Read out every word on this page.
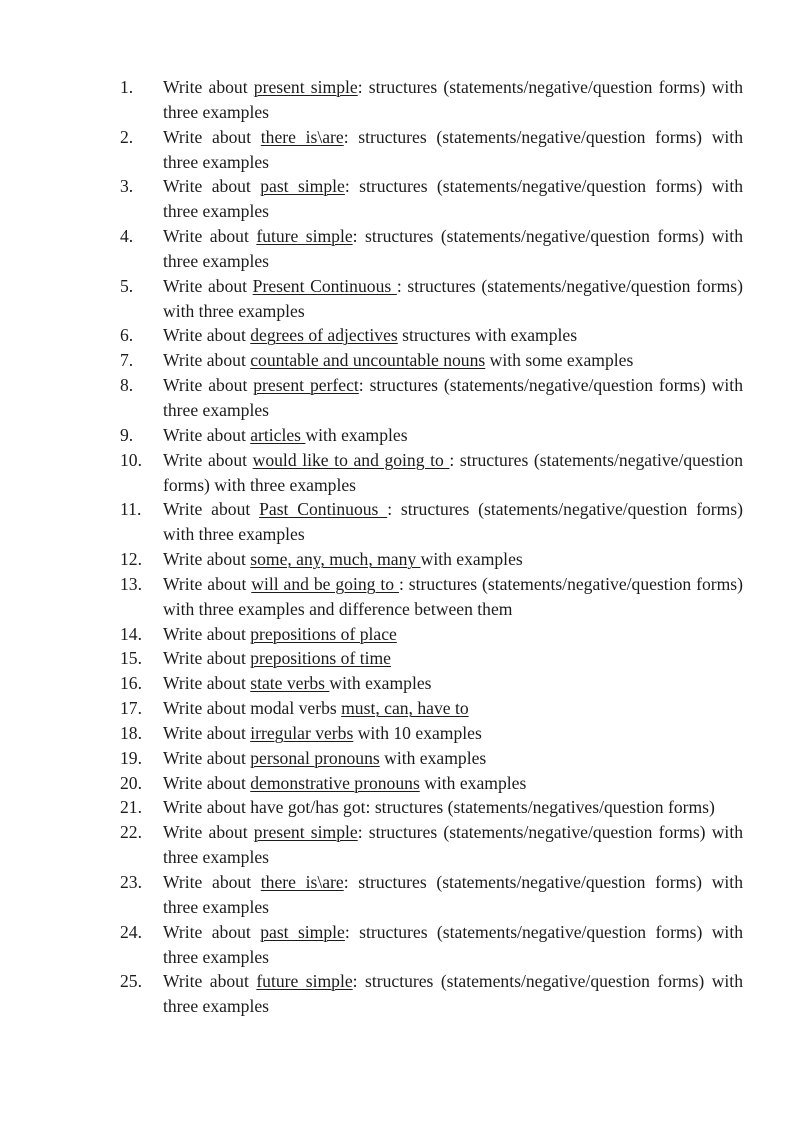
1.	Write about present simple: structures (statements/negative/question forms) with three examples
2.	Write about there is\are: structures (statements/negative/question forms) with three examples
3.	Write about past simple: structures (statements/negative/question forms) with three examples
4.	Write about future simple: structures (statements/negative/question forms) with three examples
5.	Write about Present Continuous : structures (statements/negative/question forms) with three examples
6.	Write about degrees of adjectives structures with examples
7.	Write about countable and uncountable nouns with some examples
8.	Write about present perfect: structures (statements/negative/question forms) with three examples
9.	Write about articles with examples
10.	Write about would like to and going to : structures (statements/negative/question forms) with three examples
11.	Write about Past Continuous : structures (statements/negative/question forms) with three examples
12.	Write about some, any, much, many with examples
13.	Write about will and be going to : structures (statements/negative/question forms) with three examples and difference between them
14.	Write about prepositions of place
15.	Write about prepositions of time
16.	Write about state verbs with examples
17.	Write about modal verbs must, can, have to
18.	Write about irregular verbs with 10 examples
19.	Write about personal pronouns with examples
20.	Write about demonstrative pronouns with examples
21.	Write about have got/has got: structures (statements/negatives/question forms)
22.	Write about present simple: structures (statements/negative/question forms) with three examples
23.	Write about there is\are: structures (statements/negative/question forms) with three examples
24.	Write about past simple: structures (statements/negative/question forms) with three examples
25.	Write about future simple: structures (statements/negative/question forms) with three examples
